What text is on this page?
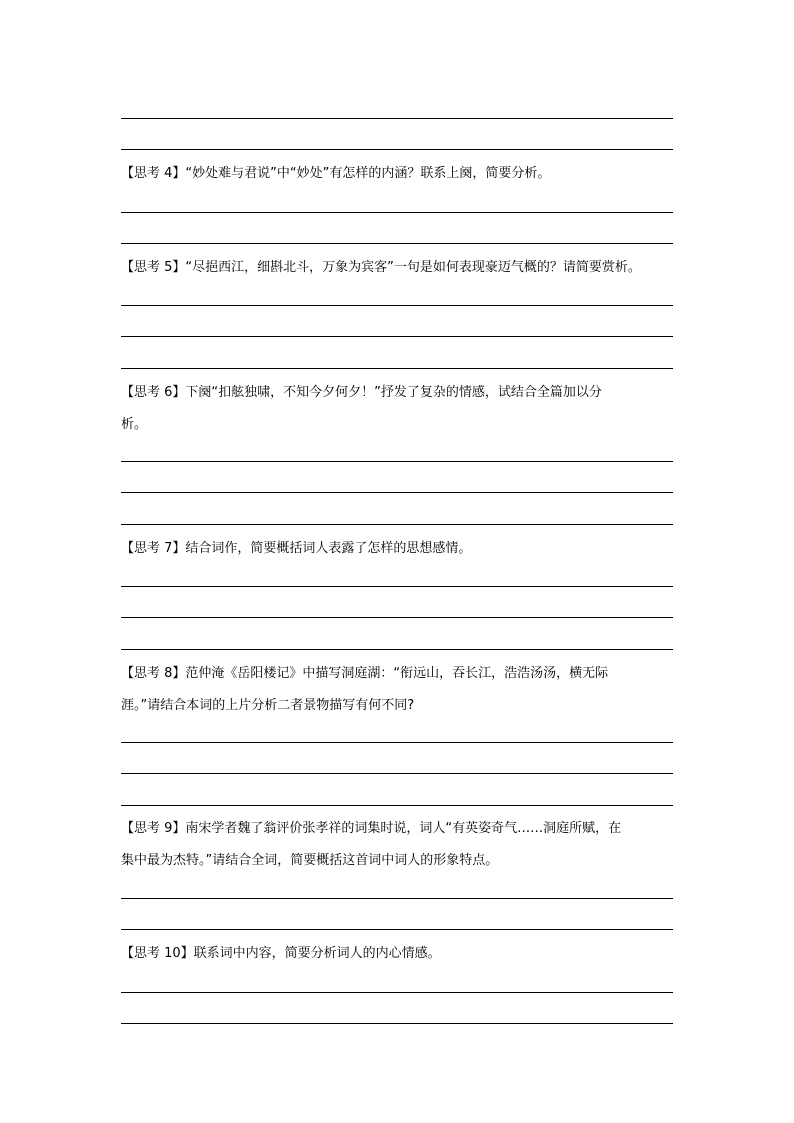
【思考 4】“妙处难与君说”中“妙处”有怎样的内涵？联系上阕，简要分析。
【思考 5】“尽挹西江，细斟北斗，万象为宾客”一句是如何表现豪迈气概的？请简要赏析。
【思考 6】下阕“扣舷独啸，不知今夕何夕！”抒发了复杂的情感，试结合全篇加以分
析。
【思考 7】结合词作，简要概括词人表露了怎样的思想感情。
【思考 8】范仲淹《岳阳楼记》中描写洞庭湖：“衔远山，吞长江，浩浩汤汤，横无际
涯。”请结合本词的上片分析二者景物描写有何不同?
【思考 9】南宋学者魏了翁评价张孝祥的词集时说，词人“有英姿奇气……洞庭所赋，在
集中最为杰特。”请结合全词，简要概括这首词中词人的形象特点。
【思考 10】联系词中内容，简要分析词人的内心情感。
